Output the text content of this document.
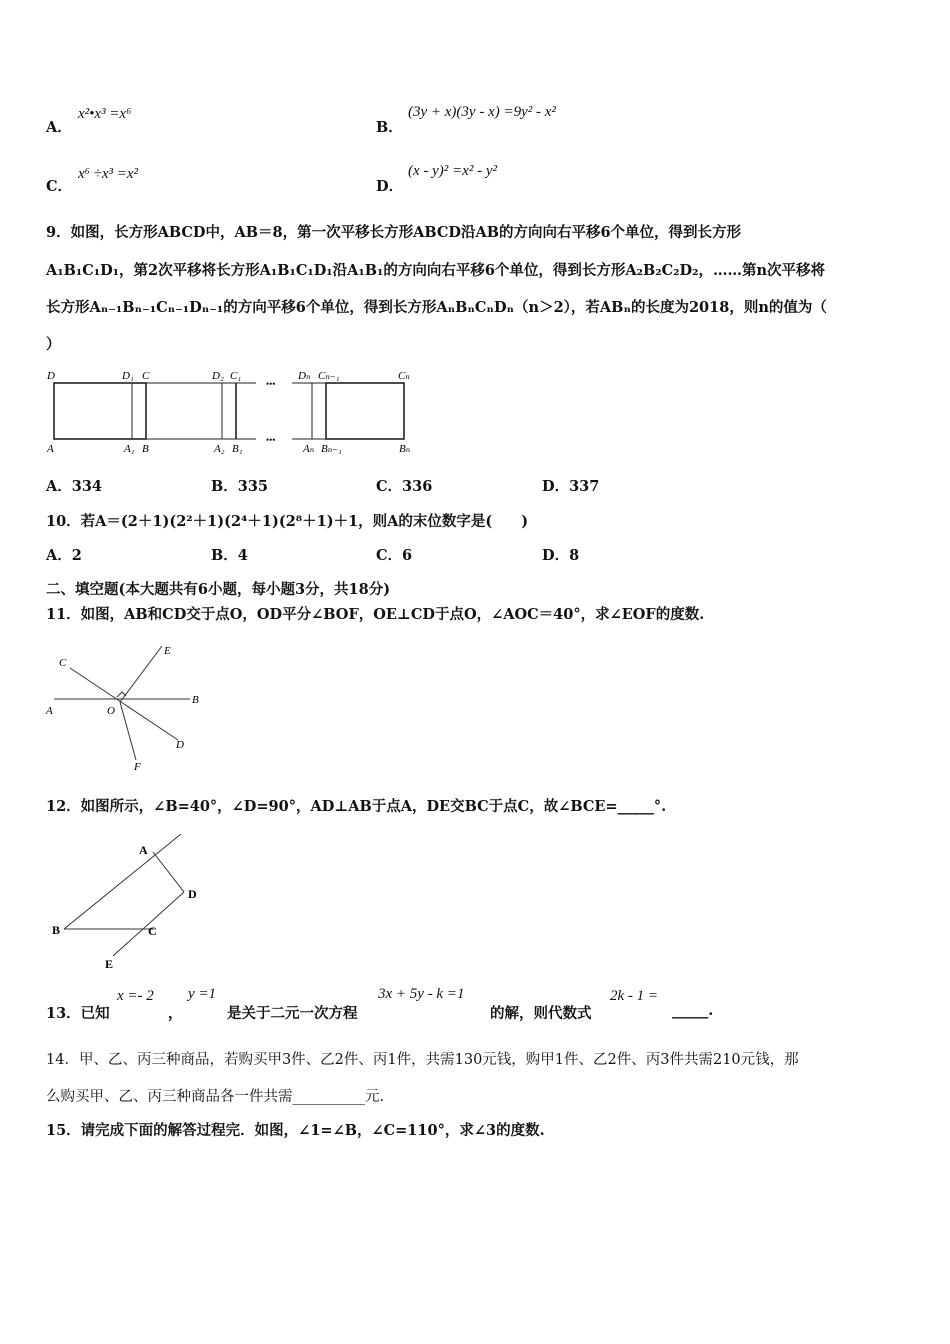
A．
x²•x³ =x⁶
B．
(3y + x)(3y - x) =9y² - x²
C．
x⁶ ÷x³ =x²
D．
(x - y)² =x² - y²
9．如图，长方形ABCD中，AB＝8，第一次平移长方形ABCD沿AB的方向向右平移6个单位，得到长方形
A₁B₁C₁D₁，第2次平移将长方形A₁B₁C₁D₁沿A₁B₁的方向向右平移6个单位，得到长方形A₂B₂C₂D₂，……第n次平移将
长方形Aₙ₋₁Bₙ₋₁Cₙ₋₁Dₙ₋₁的方向平移6个单位，得到长方形AₙBₙCₙDₙ（n＞2），若ABₙ的长度为2018，则n的值为（
）
•••
•••
D	D₁ C	D₂ C₁	Dₙ Cₙ₋₁	Cₙ
A	A₁ B	A₂ B₁	Aₙ Bₙ₋₁	Bₙ
A．334	B．335	C．336	D．337
10．若A＝(2＋1)(2²＋1)(2⁴＋1)(2⁸＋1)＋1，则A的末位数字是(　　)
A．2	B．4	C．6	D．8
二、填空题(本大题共有6小题，每小题3分，共18分)
11．如图，AB和CD交于点O，OD平分∠BOF，OE⊥CD于点O，∠AOC＝40°，求∠EOF的度数.
C
E
A	O
B
D
F
12．如图所示，∠B=40°，∠D=90°，AD⊥AB于点A，DE交BC于点C，故∠BCE=_____°.
A
D
B	C
E
13．已知
x =- 2
，
y =1
是关于二元一次方程
3x + 5y - k =1
的解，则代数式
2k - 1 =
_____.
14．甲、乙、丙三种商品，若购买甲3件、乙2件、丙1件，共需130元钱，购甲1件、乙2件、丙3件共需210元钱，那
么购买甲、乙、丙三种商品各一件共需__________元.
15．请完成下面的解答过程完．如图，∠1=∠B，∠C=110°，求∠3的度数.
